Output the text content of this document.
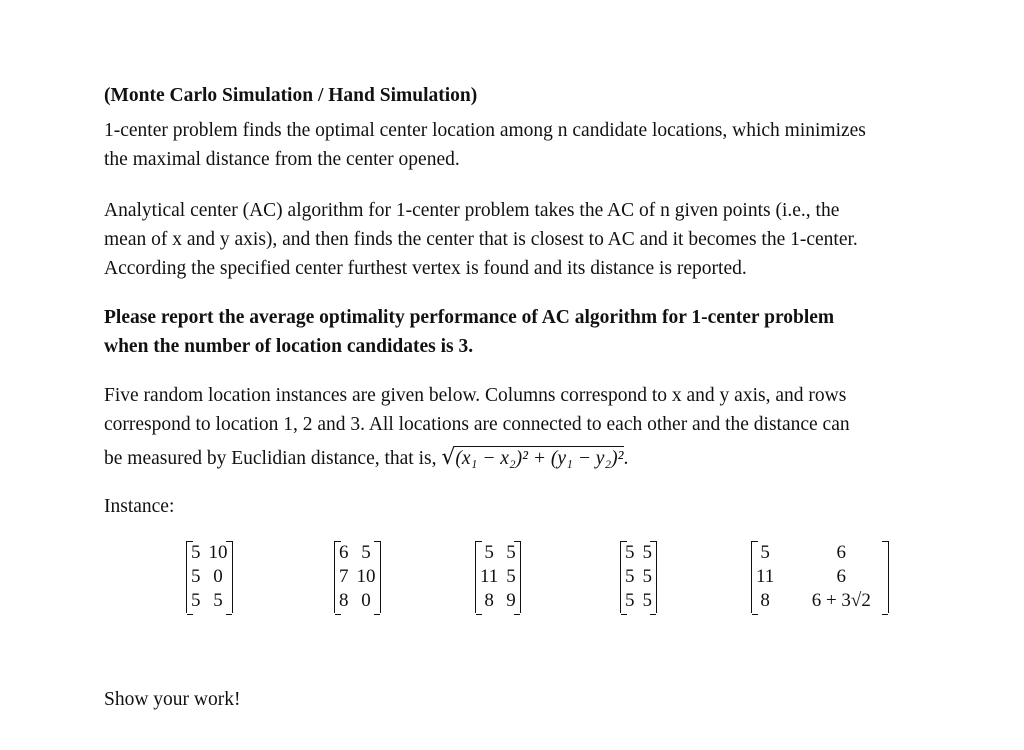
(Monte Carlo Simulation / Hand Simulation)
1-center problem finds the optimal center location among n candidate locations, which minimizes
the maximal distance from the center opened.
Analytical center (AC) algorithm for 1-center problem takes the AC of n given points (i.e., the
mean of x and y axis), and then finds the center that is closest to AC and it becomes the 1-center.
According the specified center furthest vertex is found and its distance is reported.
Please report the average optimality performance of AC algorithm for 1-center problem
when the number of location candidates is 3.
Five random location instances are given below. Columns correspond to x and y axis, and rows
correspond to location 1, 2 and 3. All locations are connected to each other and the distance can
be measured by Euclidian distance, that is, √(x₁ − x₂)² + (y₁ − y₂)².
Instance:
5	10
5	0
5	5
6	5
7	10
8	0
5	5
11	5
8	9
5	5
5	5
5	5
5	6
11	6
8	6 + 3√2
Show your work!
